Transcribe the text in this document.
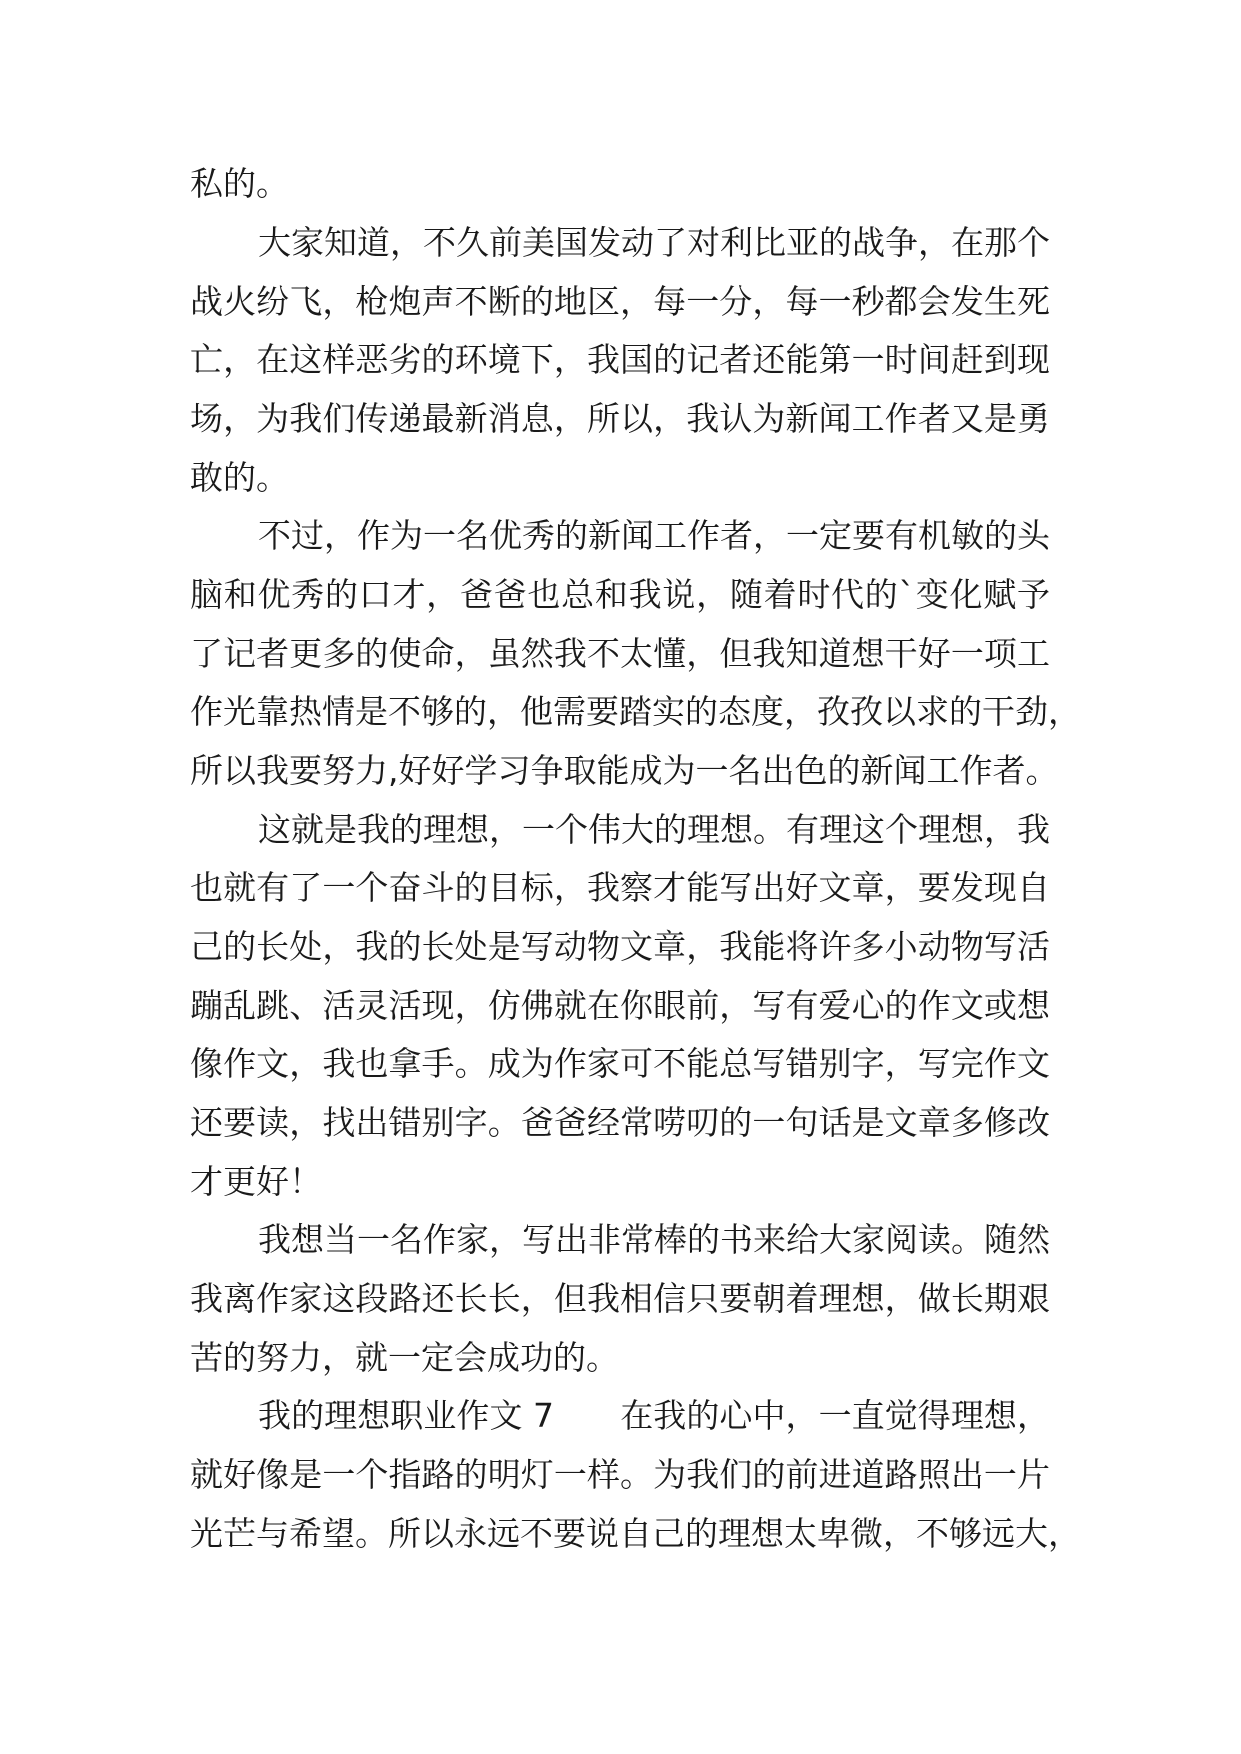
私的。
大家知道，不久前美国发动了对利比亚的战争，在那个
战火纷飞，枪炮声不断的地区，每一分，每一秒都会发生死
亡，在这样恶劣的环境下，我国的记者还能第一时间赶到现
场，为我们传递最新消息，所以，我认为新闻工作者又是勇
敢的。
不过，作为一名优秀的新闻工作者，一定要有机敏的头
脑和优秀的口才，爸爸也总和我说，随着时代的`变化赋予
了记者更多的使命，虽然我不太懂，但我知道想干好一项工
作光靠热情是不够的，他需要踏实的态度，孜孜以求的干劲，
所以我要努力,好好学习争取能成为一名出色的新闻工作者。
这就是我的理想，一个伟大的理想。有理这个理想，我
也就有了一个奋斗的目标，我察才能写出好文章，要发现自
己的长处，我的长处是写动物文章，我能将许多小动物写活
蹦乱跳、活灵活现，仿佛就在你眼前，写有爱心的作文或想
像作文，我也拿手。成为作家可不能总写错别字，写完作文
还要读，找出错别字。爸爸经常唠叨的一句话是文章多修改
才更好！
我想当一名作家，写出非常棒的书来给大家阅读。随然
我离作家这段路还长长，但我相信只要朝着理想，做长期艰
苦的努力，就一定会成功的。
我的理想职业作文 7　　在我的心中，一直觉得理想，
就好像是一个指路的明灯一样。为我们的前进道路照出一片
光芒与希望。所以永远不要说自己的理想太卑微，不够远大，
